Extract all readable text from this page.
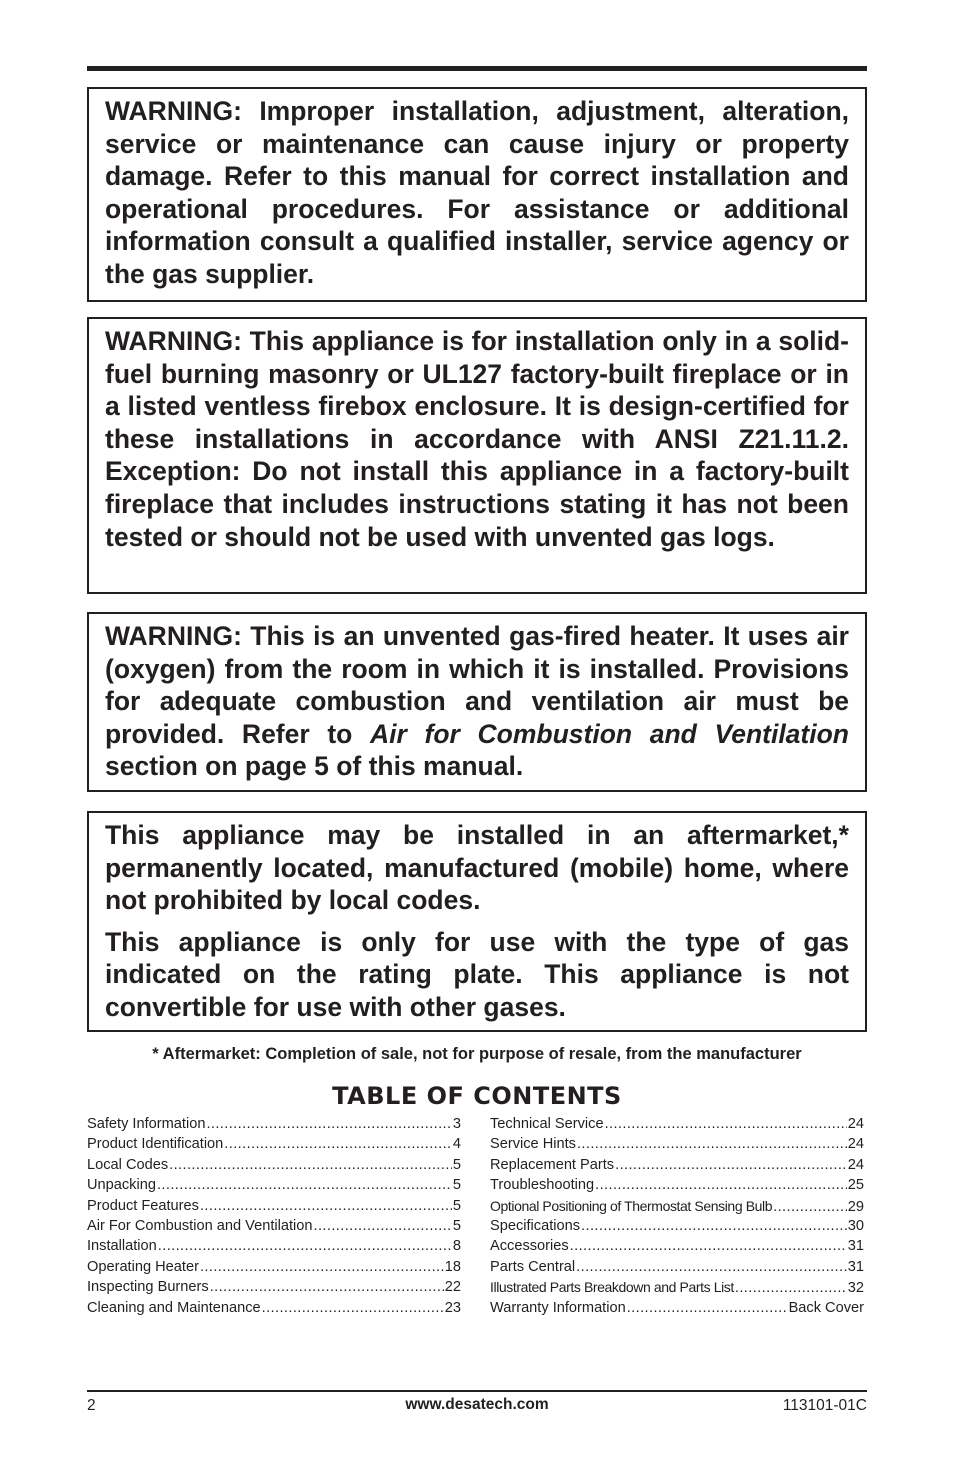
WARNING: Improper installation, adjustment, alteration, service or maintenance can cause injury or property damage. Refer to this manual for correct installation and operational procedures. For assistance or additional information consult a qualified installer, service agency or the gas supplier.

WARNING: This appliance is for installation only in a solid-fuel burning masonry or UL127 factory-built fireplace or in a listed ventless firebox enclosure. It is design-certified for these installations in accordance with ANSI Z21.11.2. Exception: Do not install this appliance in a factory-built fireplace that includes instructions stating it has not been tested or should not be used with unvented gas logs.

WARNING: This is an unvented gas-fired heater. It uses air (oxygen) from the room in which it is installed. Provisions for adequate combustion and ventilation air must be provided. Refer to Air for Combustion and Ventilation section on page 5 of this manual.

This appliance may be installed in an aftermarket,* permanently located, manufactured (mobile) home, where not prohibited by local codes.

This appliance is only for use with the type of gas indicated on the rating plate. This appliance is not convertible for use with other gases.

* Aftermarket: Completion of sale, not for purpose of resale, from the manufacturer
TABLE OF CONTENTS
Safety Information .....	3
Product Identification .....	4
Local Codes .....	5
Unpacking .....	5
Product Features .....	5
Air For Combustion and Ventilation .....	5
Installation .....	8
Operating Heater .....	18
Inspecting Burners .....	22
Cleaning and Maintenance .....	23
Technical Service .....	24
Service Hints .....	24
Replacement Parts .....	24
Troubleshooting .....	25
Optional Positioning of Thermostat Sensing Bulb .....	29
Specifications .....	30
Accessories .....	31
Parts Central .....	31
Illustrated Parts Breakdown and Parts List .....	32
Warranty Information .....	Back Cover
2	www.desatech.com	113101-01C
